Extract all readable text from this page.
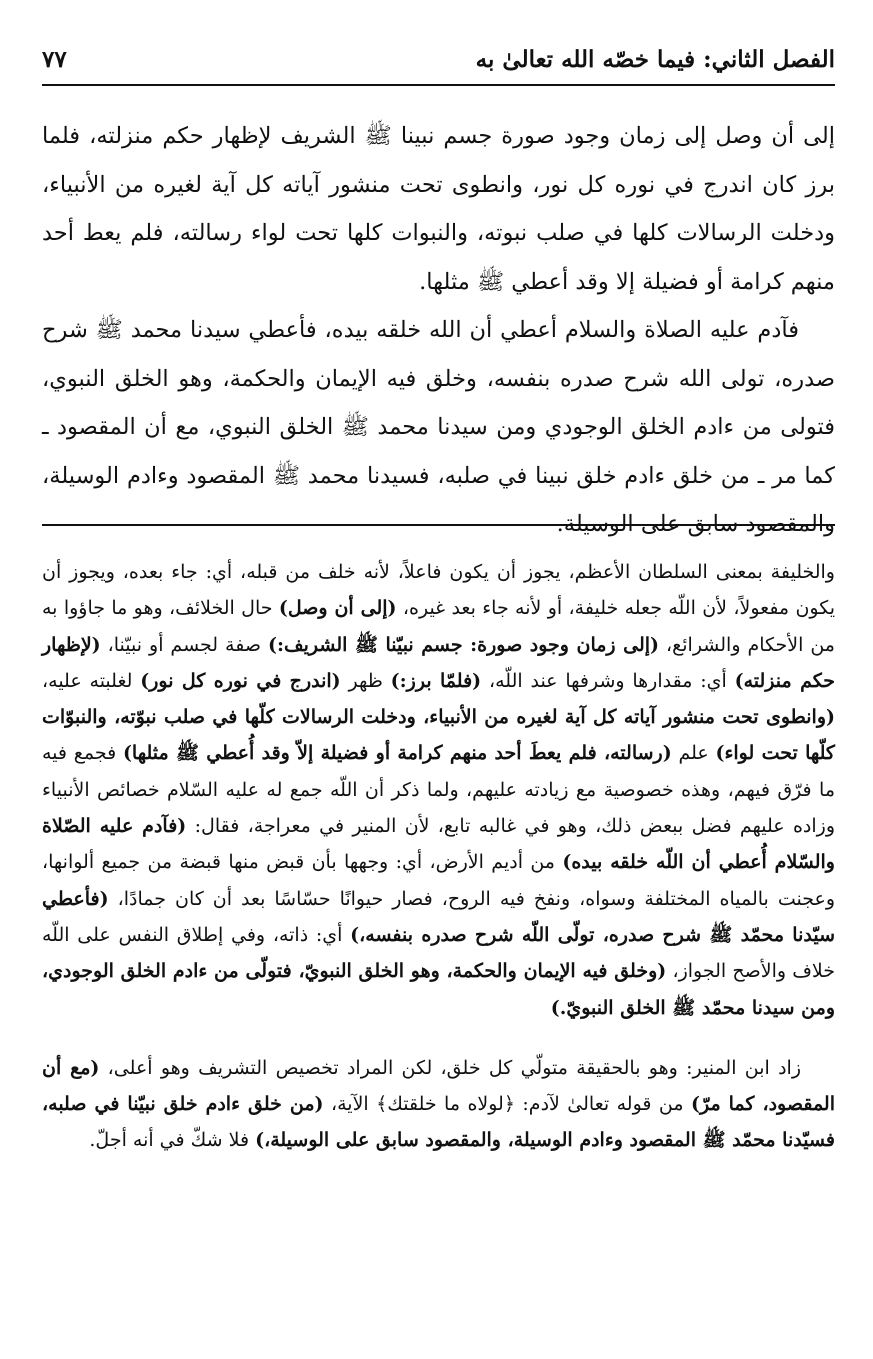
الفصل الثاني: فيما خصّه الله تعالىٰ به
٧٧

إلى أن وصل إلى زمان وجود صورة جسم نبينا ﷺ الشريف لإظهار حكم منزلته، فلما برز كان اندرج في نوره كل نور، وانطوى تحت منشور آياته كل آية لغيره من الأنبياء، ودخلت الرسالات كلها في صلب نبوته، والنبوات كلها تحت لواء رسالته، فلم يعط أحد منهم كرامة أو فضيلة إلا وقد أعطي ﷺ مثلها.

فآدم عليه الصلاة والسلام أعطي أن الله خلقه بيده، فأعطي سيدنا محمد ﷺ شرح صدره، تولى الله شرح صدره بنفسه، وخلق فيه الإيمان والحكمة، وهو الخلق النبوي، فتولى من ءادم الخلق الوجودي ومن سيدنا محمد ﷺ الخلق النبوي، مع أن المقصود ـ كما مر ـ من خلق ءادم خلق نبينا في صلبه، فسيدنا محمد ﷺ المقصود وءادم الوسيلة، والمقصود سابق على الوسيلة.

والخليفة بمعنى السلطان الأعظم، يجوز أن يكون فاعلاً، لأنه خلف من قبله، أي: جاء بعده، ويجوز أن يكون مفعولاً، لأن اللّه جعله خليفة، أو لأنه جاء بعد غيره، (إلى أن وصل) حال الخلائف، وهو ما جاؤوا به من الأحكام والشرائع، (إلى زمان وجود صورة: جسم نبيّنا ﷺ الشريف:) صفة لجسم أو نبيّنا، (لإظهار حكم منزلته) أي: مقدارها وشرفها عند اللّه، (فلمّا برز:) ظهر (اندرج في نوره كل نور) لغلبته عليه، (وانطوى تحت منشور آياته كل آية لغيره من الأنبياء، ودخلت الرسالات كلّها في صلب نبوّته، والنبوّات كلّها تحت لواء) علم (رسالته، فلم يعطَ أحد منهم كرامة أو فضيلة إلاّ وقد أُعطي ﷺ مثلها) فجمع فيه ما فرّق فيهم، وهذه خصوصية مع زيادته عليهم، ولما ذكر أن اللّه جمع له عليه السّلام خصائص الأنبياء وزاده عليهم فضل ببعض ذلك، وهو في غالبه تابع، لأن المنير في معراجة، فقال: (فآدم عليه الصّلاة والسّلام أُعطي أن اللّه خلقه بيده) من أديم الأرض، أي: وجهها بأن قبض منها قبضة من جميع ألوانها، وعجنت بالمياه المختلفة وسواه، ونفخ فيه الروح، فصار حيوانًا حسّاسًا بعد أن كان جمادًا، (فأعطي سيّدنا محمّد ﷺ شرح صدره، تولّى اللّه شرح صدره بنفسه،) أي: ذاته، وفي إطلاق النفس على اللّه خلاف والأصح الجواز، (وخلق فيه الإيمان والحكمة، وهو الخلق النبويّ، فتولّى من ءادم الخلق الوجودي، ومن سيدنا محمّد ﷺ الخلق النبويّ.)

زاد ابن المنير: وهو بالحقيقة متولّي كل خلق، لكن المراد تخصيص التشريف وهو أعلى، (مع أن المقصود، كما مرّ) من قوله تعالىٰ لآدم: ﴿لولاه ما خلقتك﴾ الآية، (من خلق ءادم خلق نبيّنا في صلبه، فسيّدنا محمّد ﷺ المقصود وءادم الوسيلة، والمقصود سابق على الوسيلة،) فلا شكّ في أنه أجلّ.
